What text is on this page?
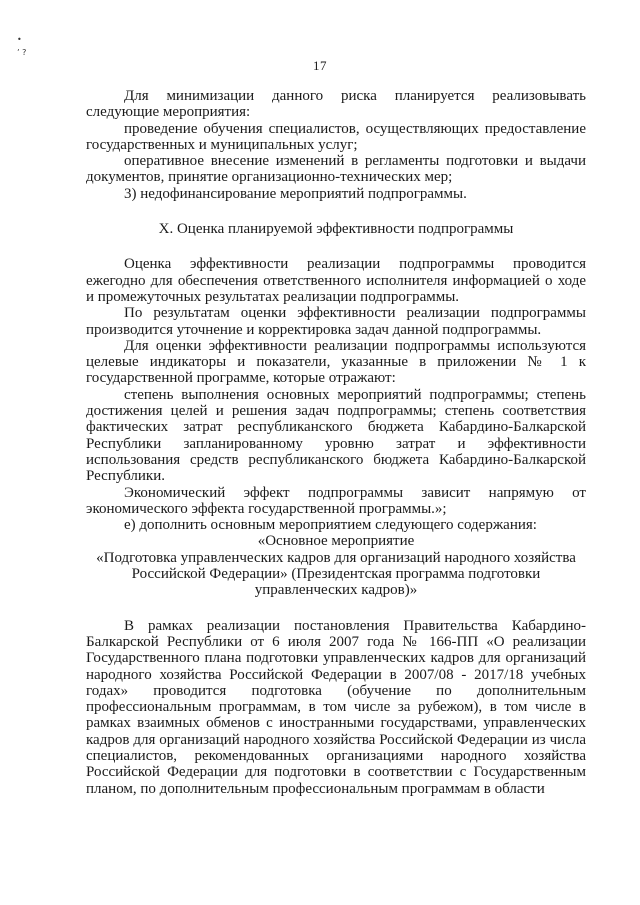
•
ʼ ?
17

Для минимизации данного риска планируется реализовывать следующие мероприятия:

проведение обучения специалистов, осуществляющих предоставление государственных и муниципальных услуг;

оперативное внесение изменений в регламенты подготовки и выдачи документов, принятие организационно-технических мер;

3) недофинансирование мероприятий подпрограммы.

X. Оценка планируемой эффективности подпрограммы

Оценка эффективности реализации подпрограммы проводится ежегодно для обеспечения ответственного исполнителя информацией о ходе и промежуточных результатах реализации подпрограммы.

По результатам оценки эффективности реализации подпрограммы производится уточнение и корректировка задач данной подпрограммы.

Для оценки эффективности реализации подпрограммы используются целевые индикаторы и показатели, указанные в приложении № 1 к государственной программе, которые отражают:

степень выполнения основных мероприятий подпрограммы; степень достижения целей и решения задач подпрограммы; степень соответствия фактических затрат республиканского бюджета Кабардино-Балкарской Республики запланированному уровню затрат и эффективности использования средств республиканского бюджета Кабардино-Балкарской Республики.

Экономический эффект подпрограммы зависит напрямую от экономического эффекта государственной программы.»;

е) дополнить основным мероприятием следующего содержания:

«Основное мероприятие

«Подготовка управленческих кадров для организаций народного хозяйства Российской Федерации» (Президентская программа подготовки управленческих кадров)»

В рамках реализации постановления Правительства Кабардино-Балкарской Республики от 6 июля 2007 года № 166-ПП «О реализации Государственного плана подготовки управленческих кадров для организаций народного хозяйства Российской Федерации в 2007/08 - 2017/18 учебных годах» проводится подготовка (обучение по дополнительным профессиональным программам, в том числе за рубежом), в том числе в рамках взаимных обменов с иностранными государствами, управленческих кадров для организаций народного хозяйства Российской Федерации из числа специалистов, рекомендованных организациями народного хозяйства Российской Федерации для подготовки в соответствии с Государственным планом, по дополнительным профессиональным программам в области
